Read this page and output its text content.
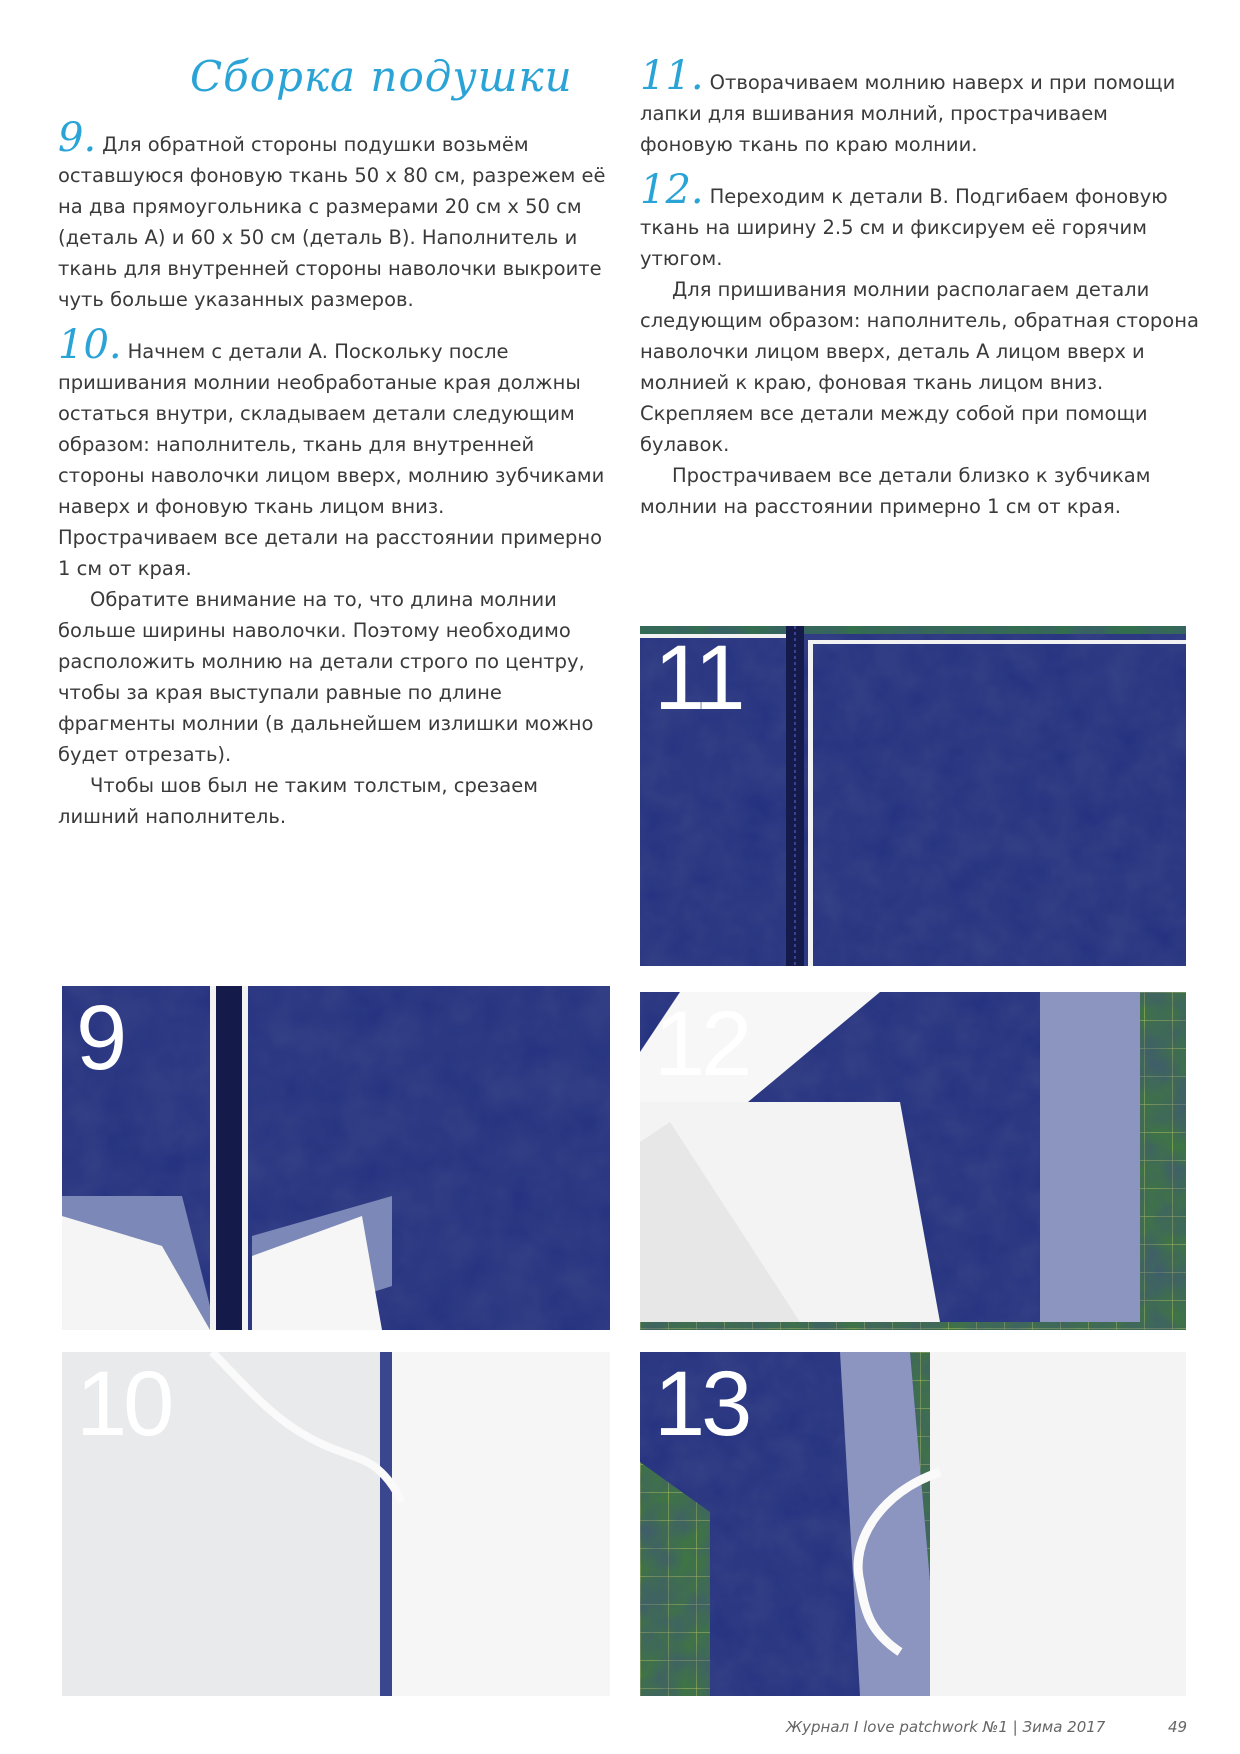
Сборка подушки

9. Для обратной стороны подушки возьмём оставшуюся фоновую ткань 50 х 80 см, разрежем её на два прямоугольника с размерами 20 см х 50 см (деталь А) и 60 х 50 см (деталь В). Наполнитель и ткань для внутренней стороны наволочки выкроите чуть больше указанных размеров.

10. Начнем с детали А. Поскольку после пришивания молнии необработаные края должны остаться внутри, складываем детали следующим образом: наполнитель, ткань для внутренней стороны наволочки лицом вверх, молнию зубчиками наверх и фоновую ткань лицом вниз. Прострачиваем все детали на расстоянии примерно 1 см от края.

Обратите внимание на то, что длина молнии больше ширины наволочки. Поэтому необходимо расположить молнию на детали строго по центру, чтобы за края выступали равные по длине фрагменты молнии (в дальнейшем излишки можно будет отрезать).

Чтобы шов был не таким толстым, срезаем лишний наполнитель.

11. Отворачиваем молнию наверх и при помощи лапки для вшивания молний, прострачиваем фоновую ткань по краю молнии.

12. Переходим к детали В. Подгибаем фоновую ткань на ширину 2.5 см и фиксируем её горячим утюгом.

Для пришивания молнии располагаем детали следующим образом: наполнитель, обратная сторона наволочки лицом вверх, деталь А лицом вверх и молнией к краю, фоновая ткань лицом вниз. Скрепляем все детали между собой при помощи булавок.

Прострачиваем все детали близко к зубчикам молнии на расстоянии примерно 1 см от края.

11
9	12
10	13
Журнал I love patchwork №1 | Зима 2017	49
